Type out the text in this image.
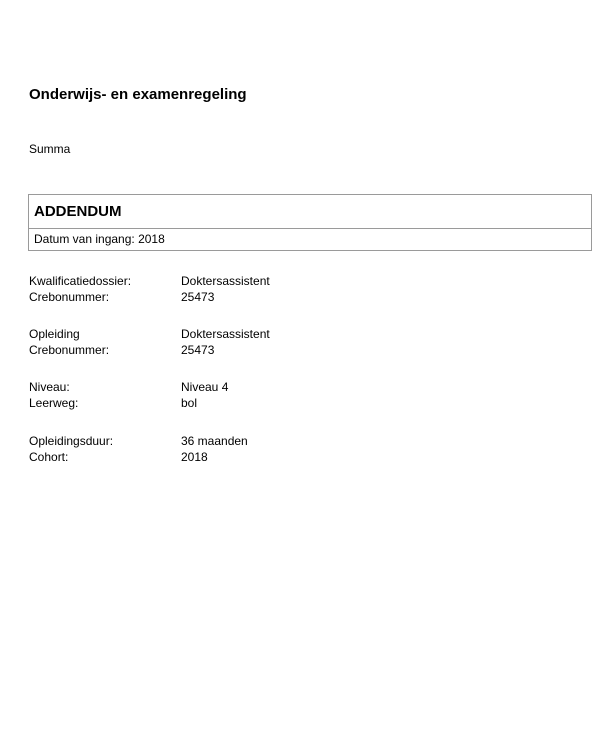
Onderwijs- en examenregeling
Summa
ADDENDUM
Datum van ingang: 2018
Kwalificatiedossier:	Doktersassistent
Crebonummer:	25473
Opleiding	Doktersassistent
Crebonummer:	25473
Niveau:	Niveau 4
Leerweg:	bol
Opleidingsduur:	36 maanden
Cohort:	2018
